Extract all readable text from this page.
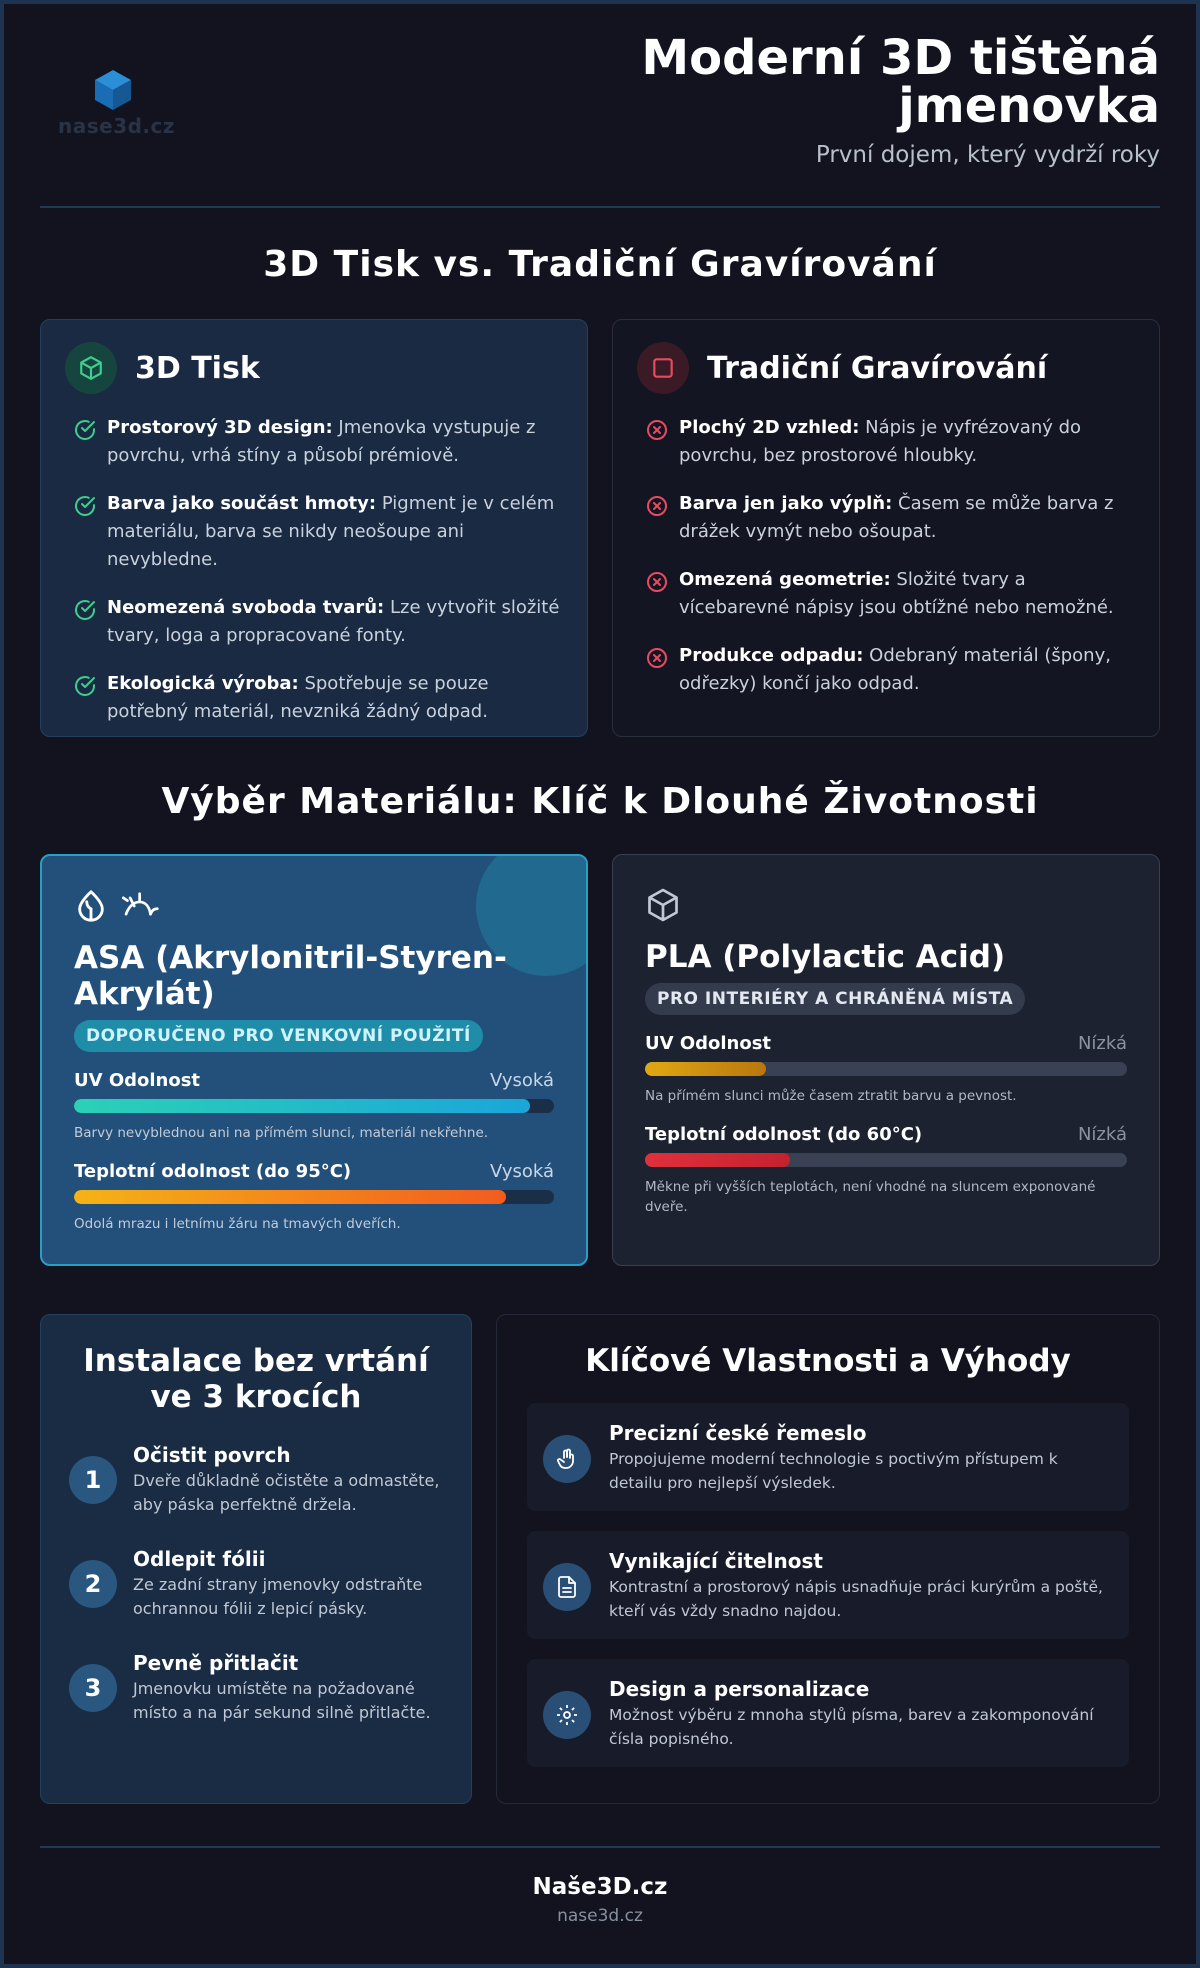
nase3d.cz
Moderní 3D tištěná jmenovka
První dojem, který vydrží roky
3D Tisk vs. Tradiční Gravírování
3D Tisk
Prostorový 3D design: Jmenovka vystupuje z povrchu, vrhá stíny a působí prémiově.
Barva jako součást hmoty: Pigment je v celém materiálu, barva se nikdy neošoupe ani nevybledne.
Neomezená svoboda tvarů: Lze vytvořit složité tvary, loga a propracované fonty.
Ekologická výroba: Spotřebuje se pouze potřebný materiál, nevzniká žádný odpad.
Tradiční Gravírování
Plochý 2D vzhled: Nápis je vyfrézovaný do povrchu, bez prostorové hloubky.
Barva jen jako výplň: Časem se může barva z drážek vymýt nebo ošoupat.
Omezená geometrie: Složité tvary a vícebarevné nápisy jsou obtížné nebo nemožné.
Produkce odpadu: Odebraný materiál (špony, odřezky) končí jako odpad.
Výběr Materiálu: Klíč k Dlouhé Životnosti
ASA (Akrylonitril-Styren-Akrylát)
DOPORUČENO PRO VENKOVNÍ POUŽITÍ
UV Odolnost	Vysoká
Barvy nevyblednou ani na přímém slunci, materiál nekřehne.
Teplotní odolnost (do 95°C)	Vysoká
Odolá mrazu i letnímu žáru na tmavých dveřích.
PLA (Polylactic Acid)
PRO INTERIÉRY A CHRÁNĚNÁ MÍSTA
UV Odolnost	Nízká
Na přímém slunci může časem ztratit barvu a pevnost.
Teplotní odolnost (do 60°C)	Nízká
Měkne při vyšších teplotách, není vhodné na sluncem exponované dveře.
Instalace bez vrtání ve 3 krocích
1
Očistit povrch
Dveře důkladně očistěte a odmastěte, aby páska perfektně držela.
2
Odlepit fólii
Ze zadní strany jmenovky odstraňte ochrannou fólii z lepicí pásky.
3
Pevně přitlačit
Jmenovku umístěte na požadované místo a na pár sekund silně přitlačte.
Klíčové Vlastnosti a Výhody
Precizní české řemeslo
Propojujeme moderní technologie s poctivým přístupem k detailu pro nejlepší výsledek.
Vynikající čitelnost
Kontrastní a prostorový nápis usnadňuje práci kurýrům a poště, kteří vás vždy snadno najdou.
Design a personalizace
Možnost výběru z mnoha stylů písma, barev a zakomponování čísla popisného.
Naše3D.cz
nase3d.cz
